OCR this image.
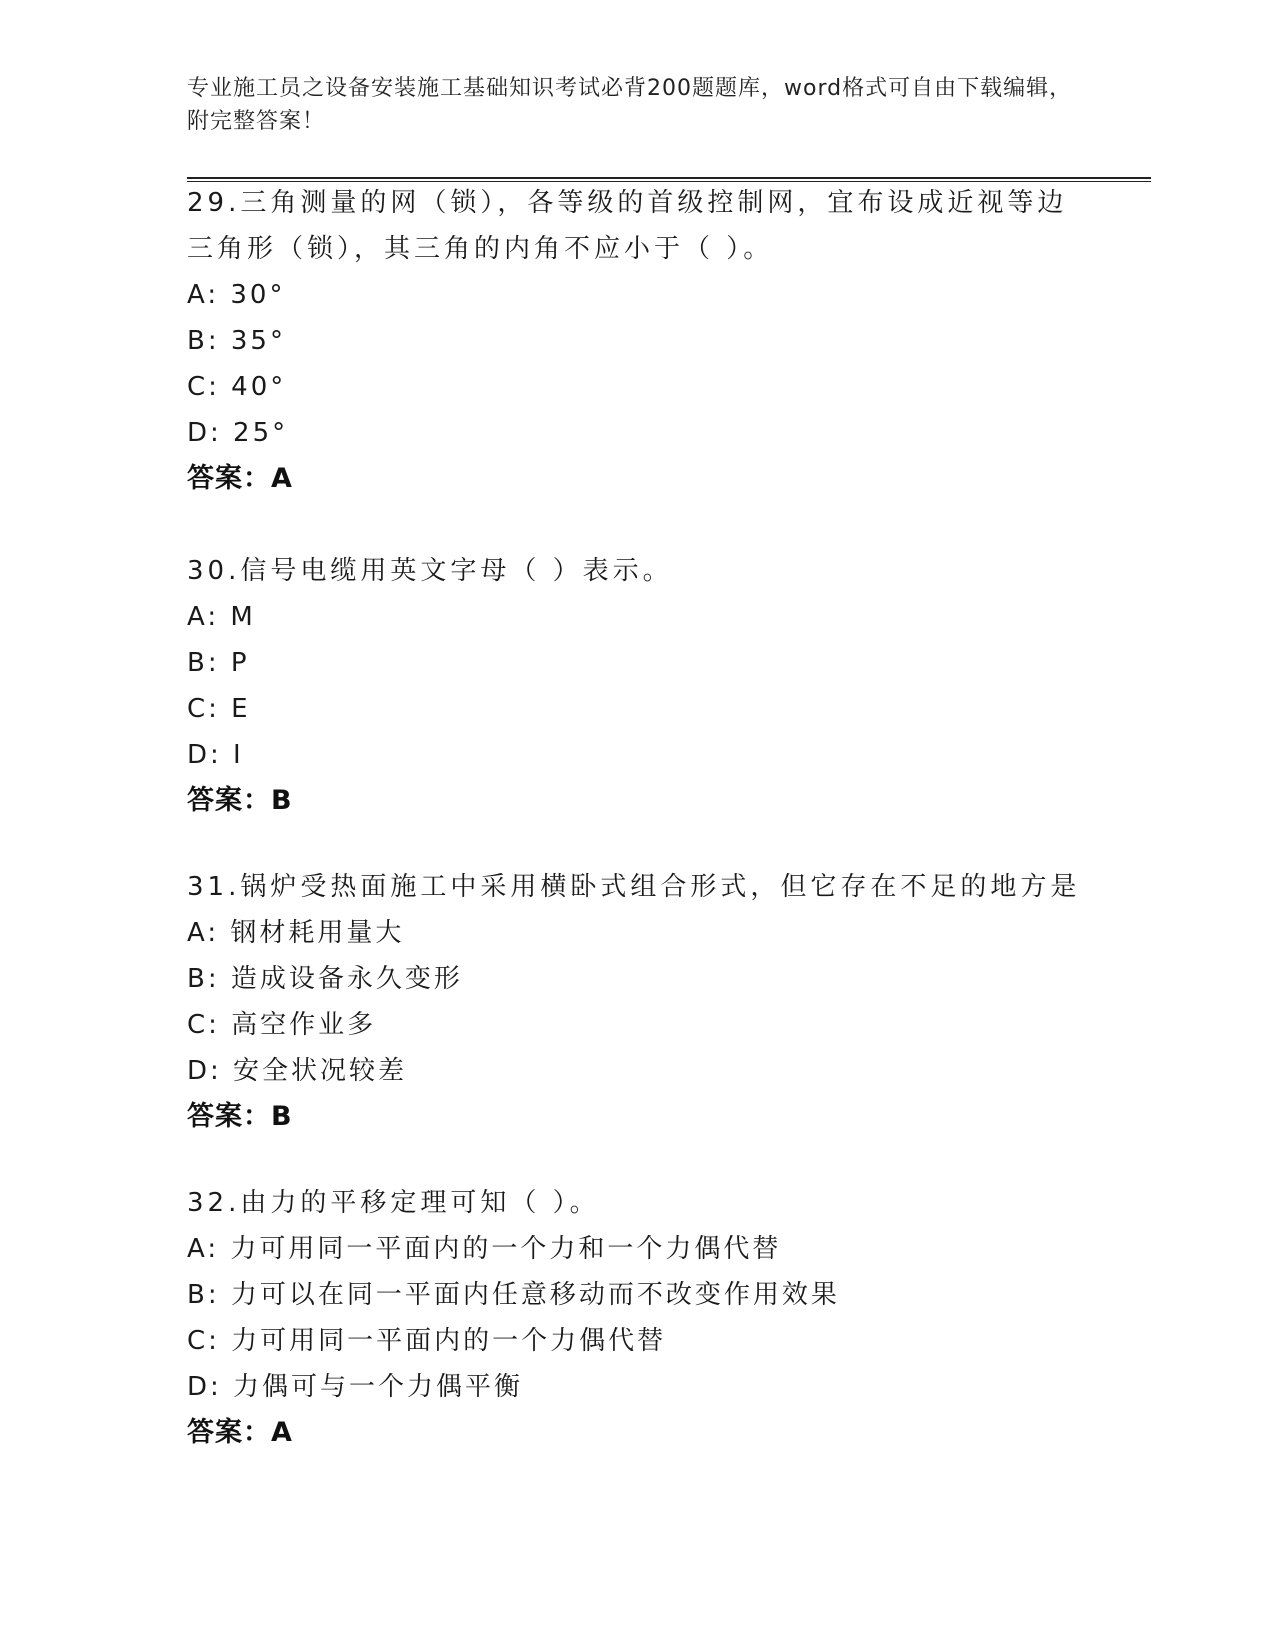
专业施工员之设备安装施工基础知识考试必背200题题库，word格式可自由下载编辑，附完整答案！

29.三角测量的网（锁），各等级的首级控制网，宜布设成近视等边三角形（锁），其三角的内角不应小于（ ）。

A: 30°

B: 35°

C: 40°

D: 25°

答案：A

30.信号电缆用英文字母（ ）表示。

A: M

B: P

C: E

D: I

答案：B

31.锅炉受热面施工中采用横卧式组合形式，但它存在不足的地方是

A: 钢材耗用量大

B: 造成设备永久变形

C: 高空作业多

D: 安全状况较差

答案：B

32.由力的平移定理可知（ ）。

A: 力可用同一平面内的一个力和一个力偶代替

B: 力可以在同一平面内任意移动而不改变作用效果

C: 力可用同一平面内的一个力偶代替

D: 力偶可与一个力偶平衡

答案：A
